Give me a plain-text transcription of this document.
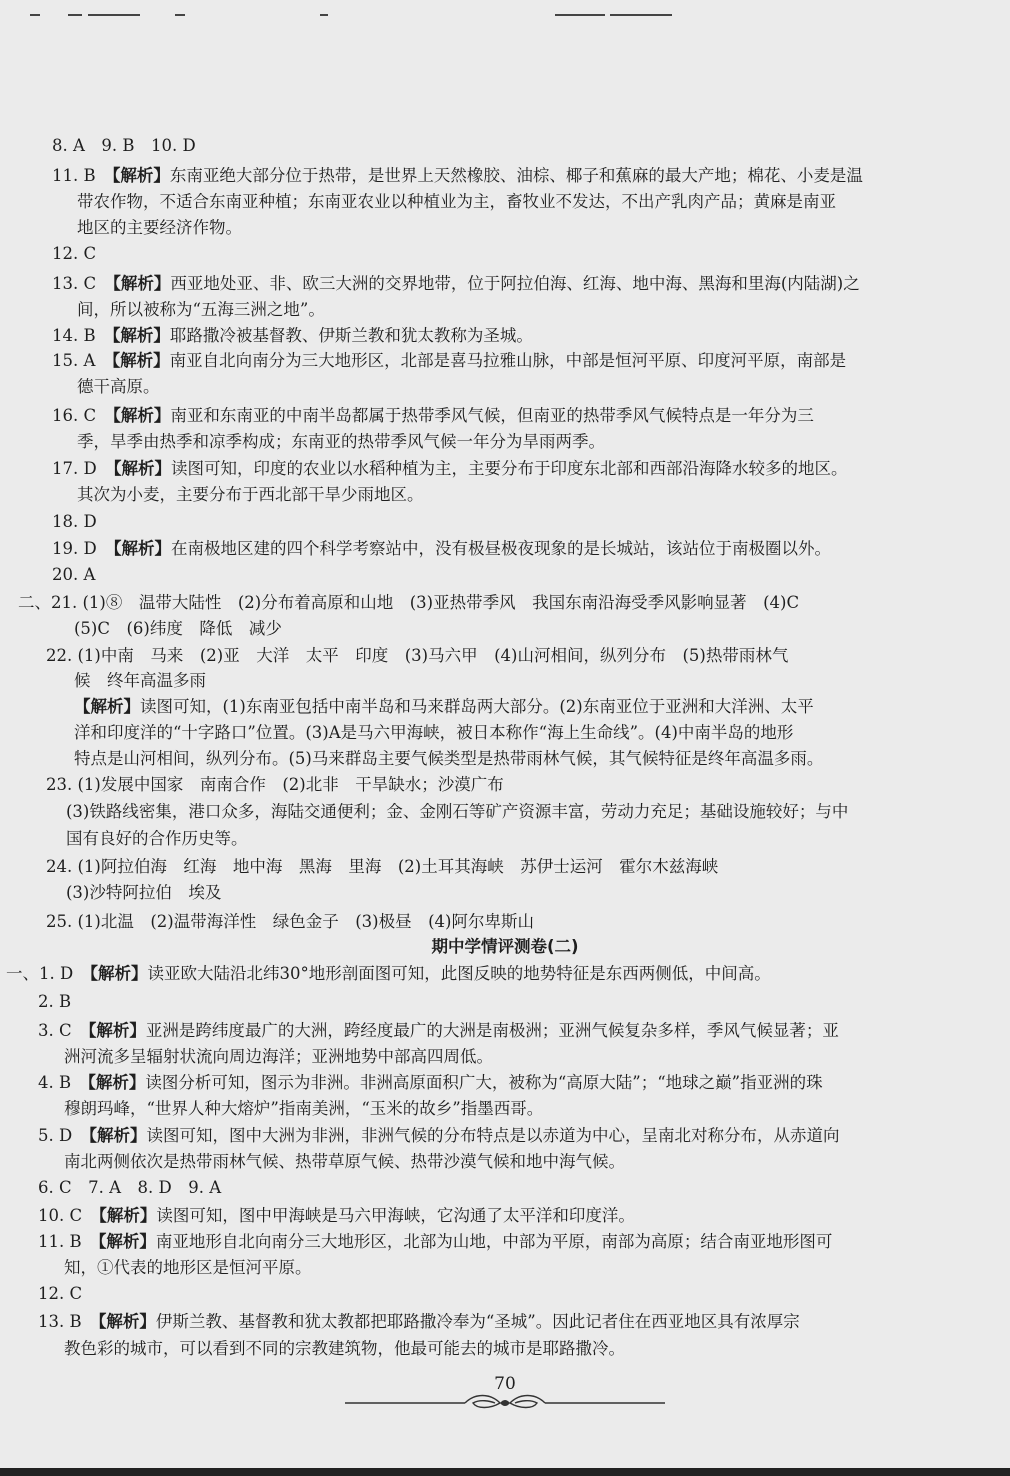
8. A　9. B　10. D
11. B　【解析】东南亚绝大部分位于热带，是世界上天然橡胶、油棕、椰子和蕉麻的最大产地；棉花、小麦是温
带农作物，不适合东南亚种植；东南亚农业以种植业为主，畜牧业不发达，不出产乳肉产品；黄麻是南亚
地区的主要经济作物。
12. C
13. C　【解析】西亚地处亚、非、欧三大洲的交界地带，位于阿拉伯海、红海、地中海、黑海和里海(内陆湖)之
间，所以被称为“五海三洲之地”。
14. B　【解析】耶路撒冷被基督教、伊斯兰教和犹太教称为圣城。
15. A　【解析】南亚自北向南分为三大地形区，北部是喜马拉雅山脉，中部是恒河平原、印度河平原，南部是
德干高原。
16. C　【解析】南亚和东南亚的中南半岛都属于热带季风气候，但南亚的热带季风气候特点是一年分为三
季，旱季由热季和凉季构成；东南亚的热带季风气候一年分为旱雨两季。
17. D　【解析】读图可知，印度的农业以水稻种植为主，主要分布于印度东北部和西部沿海降水较多的地区。
其次为小麦，主要分布于西北部干旱少雨地区。
18. D
19. D　【解析】在南极地区建的四个科学考察站中，没有极昼极夜现象的是长城站，该站位于南极圈以外。
20. A
二、21. (1)⑧　温带大陆性　(2)分布着高原和山地　(3)亚热带季风　我国东南沿海受季风影响显著　(4)C
(5)C　(6)纬度　降低　减少
22. (1)中南　马来　(2)亚　大洋　太平　印度　(3)马六甲　(4)山河相间，纵列分布　(5)热带雨林气
候　终年高温多雨
【解析】读图可知，(1)东南亚包括中南半岛和马来群岛两大部分。(2)东南亚位于亚洲和大洋洲、太平
洋和印度洋的“十字路口”位置。(3)A是马六甲海峡，被日本称作“海上生命线”。(4)中南半岛的地形
特点是山河相间，纵列分布。(5)马来群岛主要气候类型是热带雨林气候，其气候特征是终年高温多雨。
23. (1)发展中国家　南南合作　(2)北非　干旱缺水；沙漠广布
(3)铁路线密集，港口众多，海陆交通便利；金、金刚石等矿产资源丰富，劳动力充足；基础设施较好；与中
国有良好的合作历史等。
24. (1)阿拉伯海　红海　地中海　黑海　里海　(2)土耳其海峡　苏伊士运河　霍尔木兹海峡
(3)沙特阿拉伯　埃及
25. (1)北温　(2)温带海洋性　绿色金子　(3)极昼　(4)阿尔卑斯山
一、1. D　【解析】读亚欧大陆沿北纬30°地形剖面图可知，此图反映的地势特征是东西两侧低，中间高。
2. B
3. C　【解析】亚洲是跨纬度最广的大洲，跨经度最广的大洲是南极洲；亚洲气候复杂多样，季风气候显著；亚
洲河流多呈辐射状流向周边海洋；亚洲地势中部高四周低。
4. B　【解析】读图分析可知，图示为非洲。非洲高原面积广大，被称为“高原大陆”；“地球之巅”指亚洲的珠
穆朗玛峰，“世界人种大熔炉”指南美洲，“玉米的故乡”指墨西哥。
5. D　【解析】读图可知，图中大洲为非洲，非洲气候的分布特点是以赤道为中心，呈南北对称分布，从赤道向
南北两侧依次是热带雨林气候、热带草原气候、热带沙漠气候和地中海气候。
6. C　7. A　8. D　9. A
10. C　【解析】读图可知，图中甲海峡是马六甲海峡，它沟通了太平洋和印度洋。
11. B　【解析】南亚地形自北向南分三大地形区，北部为山地，中部为平原，南部为高原；结合南亚地形图可
知，①代表的地形区是恒河平原。
12. C
13. B　【解析】伊斯兰教、基督教和犹太教都把耶路撒冷奉为“圣城”。因此记者住在西亚地区具有浓厚宗
教色彩的城市，可以看到不同的宗教建筑物，他最可能去的城市是耶路撒冷。
期中学情评测卷(二)
70
